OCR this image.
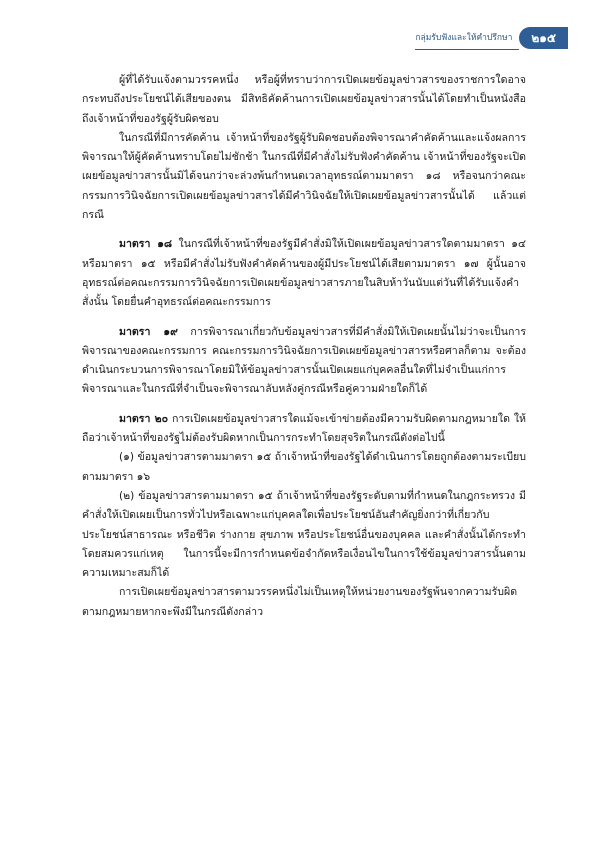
กลุ่มรับฟังและให้คำปรึกษา	๒๑๕

ผู้ที่ได้รับแจ้งตามวรรคหนึ่ง หรือผู้ที่ทราบว่าการเปิดเผยข้อมูลข่าวสารของราชการใดอาจกระทบถึงประโยชน์ได้เสียของตน มีสิทธิคัดค้านการเปิดเผยข้อมูลข่าวสารนั้นได้โดยทำเป็นหนังสือถึงเจ้าหน้าที่ของรัฐผู้รับผิดชอบ

ในกรณีที่มีการคัดค้าน เจ้าหน้าที่ของรัฐผู้รับผิดชอบต้องพิจารณาคำคัดค้านและแจ้งผลการพิจารณาให้ผู้คัดค้านทราบโดยไม่ชักช้า ในกรณีที่มีคำสั่งไม่รับฟังคำคัดค้าน เจ้าหน้าที่ของรัฐจะเปิดเผยข้อมูลข่าวสารนั้นมิได้จนกว่าจะล่วงพ้นกำหนดเวลาอุทธรณ์ตามมาตรา ๑๘ หรือจนกว่าคณะกรรมการวินิจฉัยการเปิดเผยข้อมูลข่าวสารได้มีคำวินิจฉัยให้เปิดเผยข้อมูลข่าวสารนั้นได้ แล้วแต่กรณี

มาตรา ๑๘ ในกรณีที่เจ้าหน้าที่ของรัฐมีคำสั่งมิให้เปิดเผยข้อมูลข่าวสารใดตามมาตรา ๑๔ หรือมาตรา ๑๕ หรือมีคำสั่งไม่รับฟังคำคัดค้านของผู้มีประโยชน์ได้เสียตามมาตรา ๑๗ ผู้นั้นอาจอุทธรณ์ต่อคณะกรรมการวินิจฉัยการเปิดเผยข้อมูลข่าวสารภายในสิบห้าวันนับแต่วันที่ได้รับแจ้งคำสั่งนั้น โดยยื่นคำอุทธรณ์ต่อคณะกรรมการ

มาตรา ๑๙ การพิจารณาเกี่ยวกับข้อมูลข่าวสารที่มีคำสั่งมิให้เปิดเผยนั้นไม่ว่าจะเป็นการพิจารณาของคณะกรรมการ คณะกรรมการวินิจฉัยการเปิดเผยข้อมูลข่าวสารหรือศาลก็ตาม จะต้องดำเนินกระบวนการพิจารณาโดยมิให้ข้อมูลข่าวสารนั้นเปิดเผยแก่บุคคลอื่นใดที่ไม่จำเป็นแก่การพิจารณาและในกรณีที่จำเป็นจะพิจารณาลับหลังคู่กรณีหรือคู่ความฝ่ายใดก็ได้

มาตรา ๒๐ การเปิดเผยข้อมูลข่าวสารใดแม้จะเข้าข่ายต้องมีความรับผิดตามกฎหมายใด ให้ถือว่าเจ้าหน้าที่ของรัฐไม่ต้องรับผิดหากเป็นการกระทำโดยสุจริตในกรณีดังต่อไปนี้

(๑) ข้อมูลข่าวสารตามมาตรา ๑๕ ถ้าเจ้าหน้าที่ของรัฐได้ดำเนินการโดยถูกต้องตามระเบียบตามมาตรา ๑๖

(๒) ข้อมูลข่าวสารตามมาตรา ๑๕ ถ้าเจ้าหน้าที่ของรัฐระดับตามที่กำหนดในกฎกระทรวง มีคำสั่งให้เปิดเผยเป็นการทั่วไปหรือเฉพาะแก่บุคคลใดเพื่อประโยชน์อันสำคัญยิ่งกว่าที่เกี่ยวกับประโยชน์สาธารณะ หรือชีวิต ร่างกาย สุขภาพ หรือประโยชน์อื่นของบุคคล และคำสั่งนั้นได้กระทำโดยสมควรแก่เหตุ ในการนี้จะมีการกำหนดข้อจำกัดหรือเงื่อนไขในการใช้ข้อมูลข่าวสารนั้นตามความเหมาะสมก็ได้

การเปิดเผยข้อมูลข่าวสารตามวรรคหนึ่งไม่เป็นเหตุให้หน่วยงานของรัฐพ้นจากความรับผิดตามกฎหมายหากจะพึงมีในกรณีดังกล่าว
